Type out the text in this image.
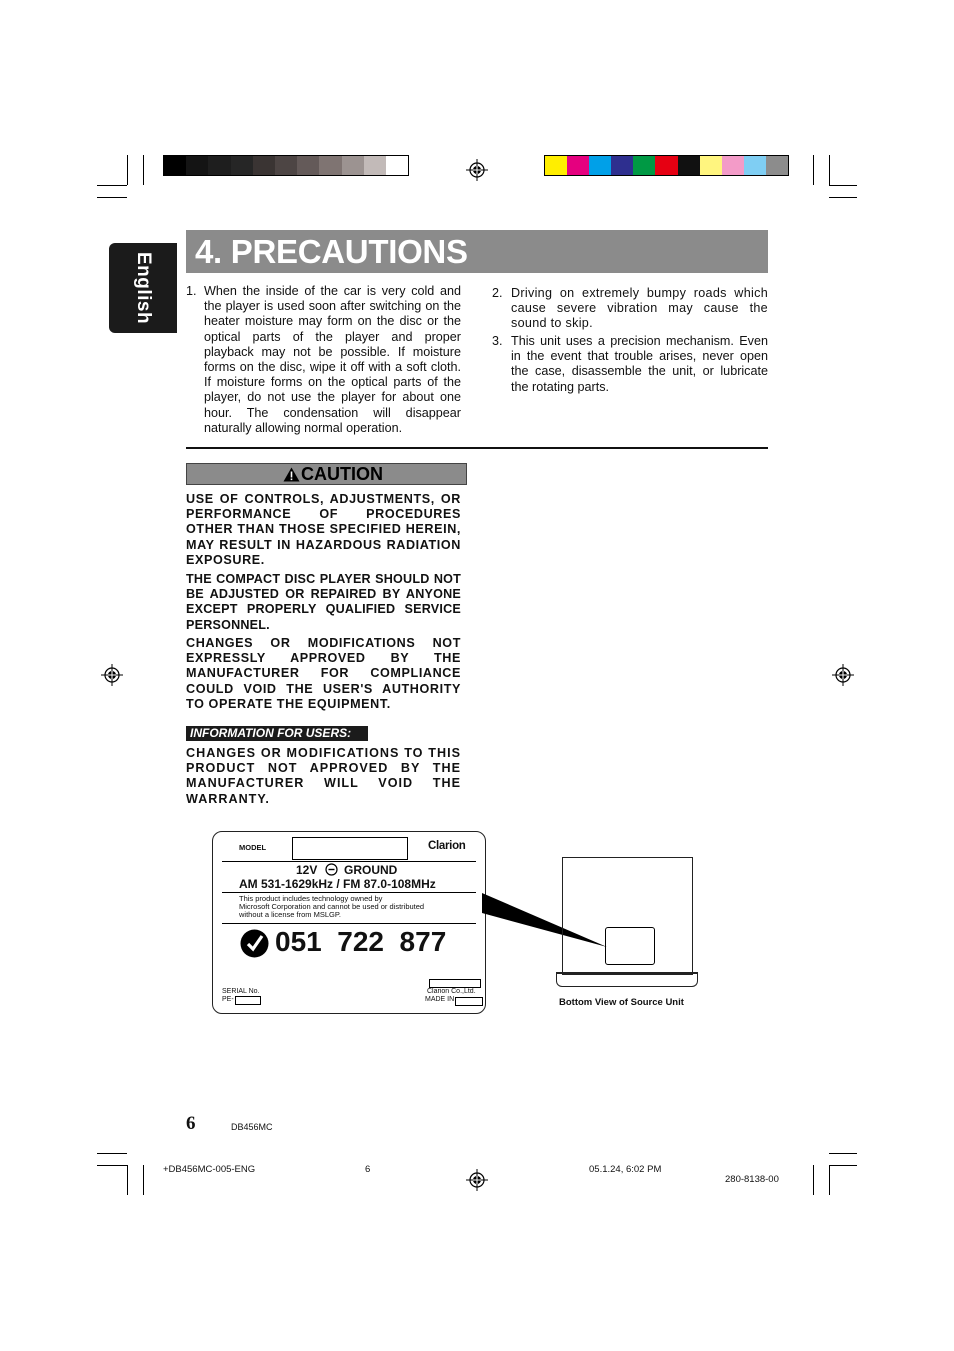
English
4. PRECAUTIONS
1. When the inside of the car is very cold and the player is used soon after switching on the heater moisture may form on the disc or the optical parts of the player and proper playback may not be possible. If moisture forms on the disc, wipe it off with a soft cloth. If moisture forms on the optical parts of the player, do not use the player for about one hour. The condensation will disappear naturally allowing normal operation.
2. Driving on extremely bumpy roads which cause severe vibration may cause the sound to skip.
3. This unit uses a precision mechanism. Even in the event that trouble arises, never open the case, disassemble the unit, or lubricate the rotating parts.
CAUTION
USE OF CONTROLS, ADJUSTMENTS, OR PERFORMANCE OF PROCEDURES OTHER THAN THOSE SPECIFIED HEREIN, MAY RESULT IN HAZARDOUS RADIATION EXPOSURE.
THE COMPACT DISC PLAYER SHOULD NOT BE ADJUSTED OR REPAIRED BY ANYONE EXCEPT PROPERLY QUALIFIED SERVICE PERSONNEL.
CHANGES OR MODIFICATIONS NOT EXPRESSLY APPROVED BY THE MANUFACTURER FOR COMPLIANCE COULD VOID THE USER'S AUTHORITY TO OPERATE THE EQUIPMENT.
INFORMATION FOR USERS:
CHANGES OR MODIFICATIONS TO THIS PRODUCT NOT APPROVED BY THE MANUFACTURER WILL VOID THE WARRANTY.
MODEL	Clarion
12V GROUND
AM 531-1629kHz / FM 87.0-108MHz
This product includes technology owned by
Microsoft Corporation and cannot be used or distributed
without a license from MSLGP.
051  722  877
SERIAL No.	Clarion Co.,Ltd.
PE-	MADE IN	Bottom View of Source Unit
6	DB456MC
+DB456MC-005-ENG	6	05.1.24, 6:02 PM
280-8138-00
